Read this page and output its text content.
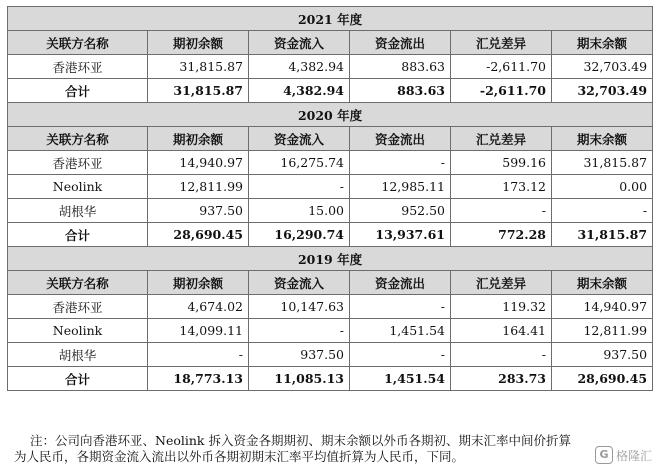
2021 年度					
关联方名称	期初余额	资金流入	资金流出	汇兑差异	期末余额
香港环亚	31,815.87	4,382.94	883.63	-2,611.70	32,703.49
合计	31,815.87	4,382.94	883.63	-2,611.70	32,703.49
2020 年度					
关联方名称	期初余额	资金流入	资金流出	汇兑差异	期末余额
香港环亚	14,940.97	16,275.74	-	599.16	31,815.87
Neolink	12,811.99	-	12,985.11	173.12	0.00
胡根华	937.50	15.00	952.50	-	-
合计	28,690.45	16,290.74	13,937.61	772.28	31,815.87
2019 年度					
关联方名称	期初余额	资金流入	资金流出	汇兑差异	期末余额
香港环亚	4,674.02	10,147.63	-	119.32	14,940.97
Neolink	14,099.11	-	1,451.54	164.41	12,811.99
胡根华	-	937.50	-	-	937.50
合计	18,773.13	11,085.13	1,451.54	283.73	28,690.45
注：公司向香港环亚、Neolink 拆入资金各期期初、期末余额以外币各期初、期末汇率中间价折算
为人民币，各期资金流入流出以外币各期初期末汇率平均值折算为人民币，下同。	G 格隆汇
